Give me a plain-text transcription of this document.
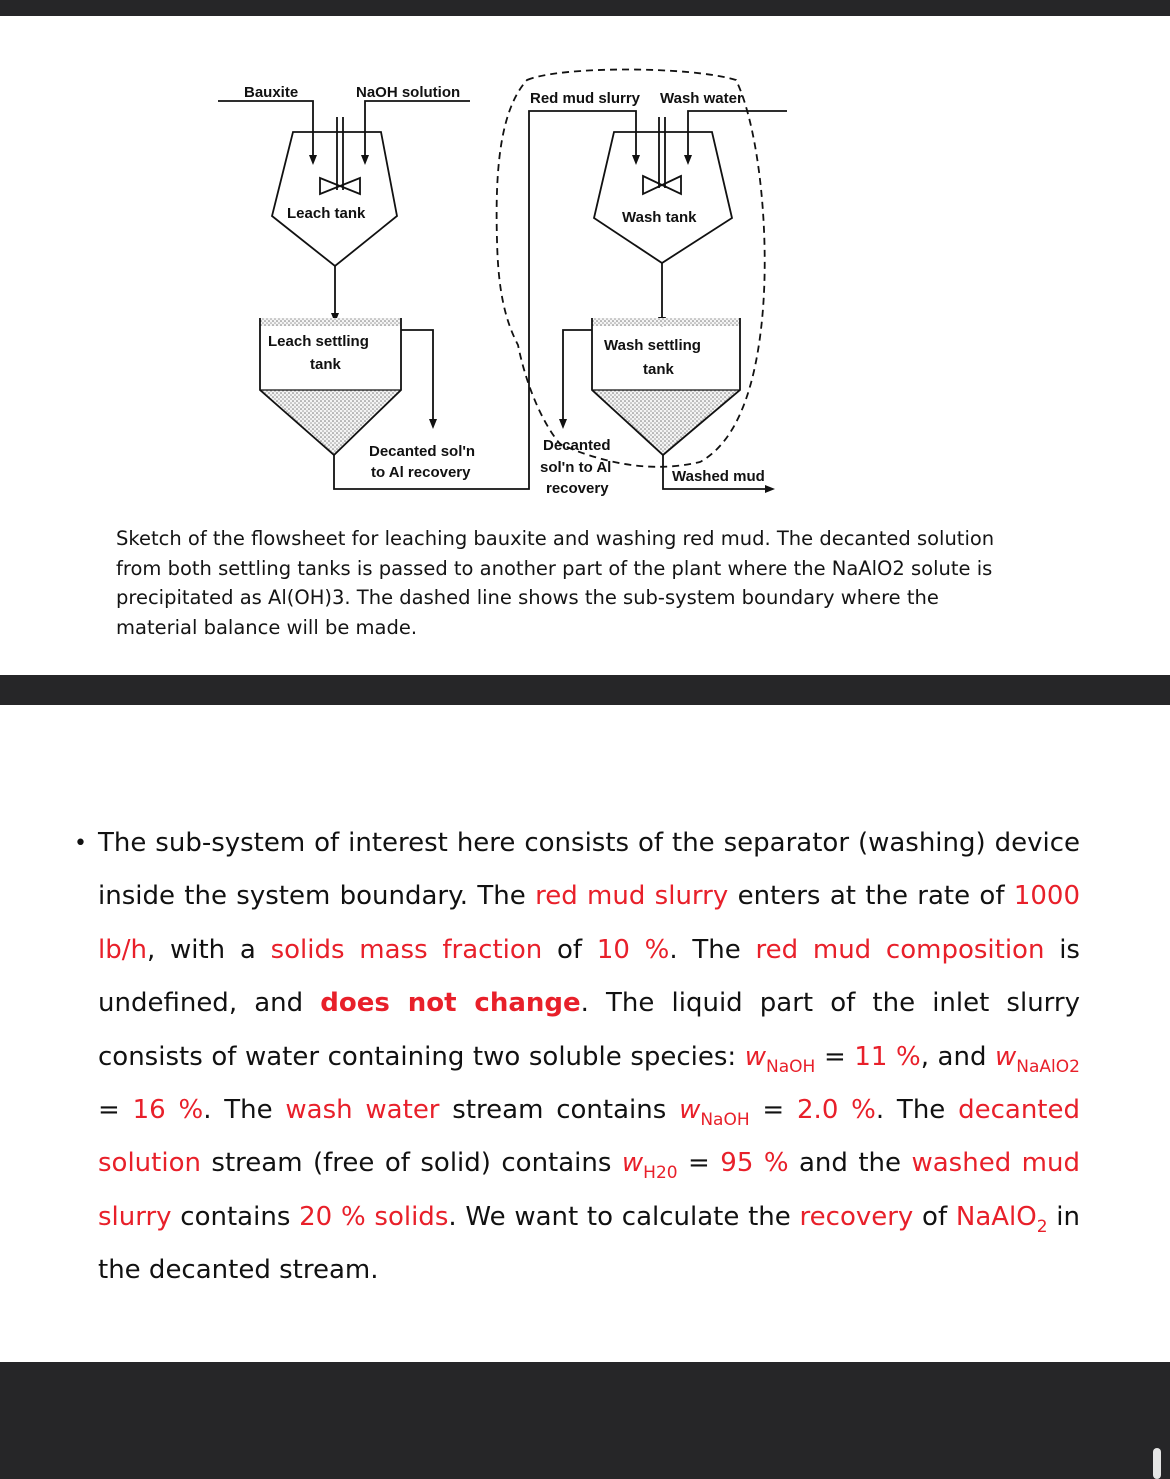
Bauxite	NaOH solution
Leach tank
Leach settling
tank
Decanted sol'n
to Al recovery
Red mud slurry Wash water
Wash tank
Wash settling
tank
Decanted
sol'n to Al
recovery
Washed mud
Sketch of the flowsheet for leaching bauxite and washing red mud. The decanted solution
from both settling tanks is passed to another part of the plant where the NaAlO2 solute is
precipitated as Al(OH)3. The dashed line shows the sub-system boundary where the
material balance will be made.
• The sub-system of interest here consists of the separator (washing) device inside the system boundary. The red mud slurry enters at the rate of 1000 lb/h, with a solids mass fraction of 10 %. The red mud composition is undefined, and does not change. The liquid part of the inlet slurry consists of water containing two soluble species: $w_{NaOH} = 11$ %, and $w_{NaAlO2} = 16$ %. The wash water stream contains $w_{NaOH} = 2.0$ %. The decanted solution stream (free of solid) contains $w_{H20} = 95$ % and the washed mud slurry contains 20 % solids. We want to calculate the recovery of NaAlO$_2$ in the decanted stream.
